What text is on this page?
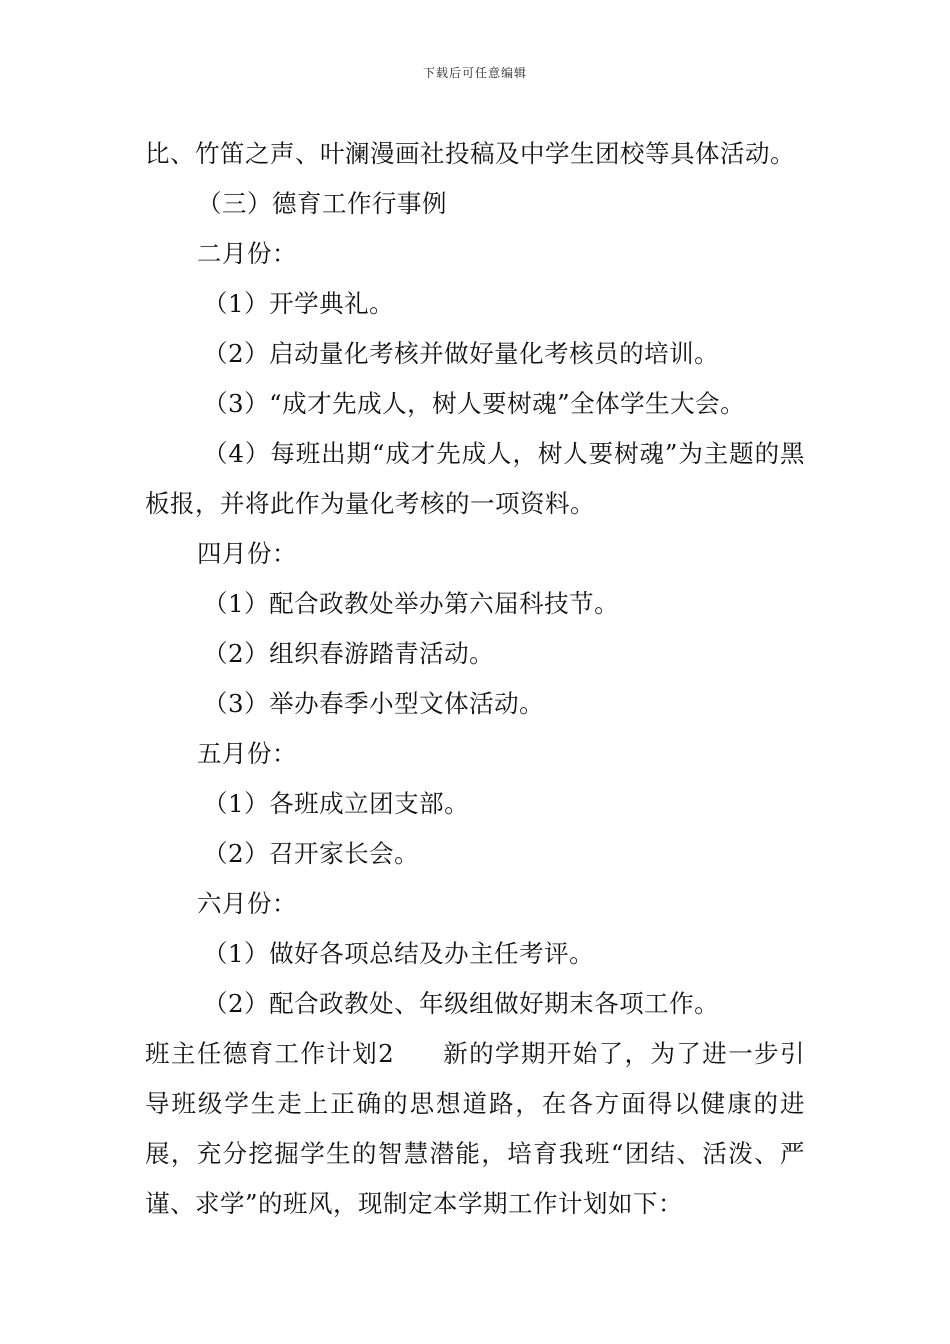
下载后可任意编辑
比、竹笛之声、叶澜漫画社投稿及中学生团校等具体活动。
（三）德育工作行事例
二月份：
（1）开学典礼。
（2）启动量化考核并做好量化考核员的培训。
（3）“成才先成人，树人要树魂”全体学生大会。
（4）每班出期“成才先成人，树人要树魂”为主题的黑板报，并将此作为量化考核的一项资料。
四月份：
（1）配合政教处举办第六届科技节。
（2）组织春游踏青活动。
（3）举办春季小型文体活动。
五月份：
（1）各班成立团支部。
（2）召开家长会。
六月份：
（1）做好各项总结及办主任考评。
（2）配合政教处、年级组做好期末各项工作。
班主任德育工作计划2 新的学期开始了，为了进一步引导班级学生走上正确的思想道路，在各方面得以健康的进展，充分挖掘学生的智慧潜能，培育我班“团结、活泼、严谨、求学”的班风，现制定本学期工作计划如下：
